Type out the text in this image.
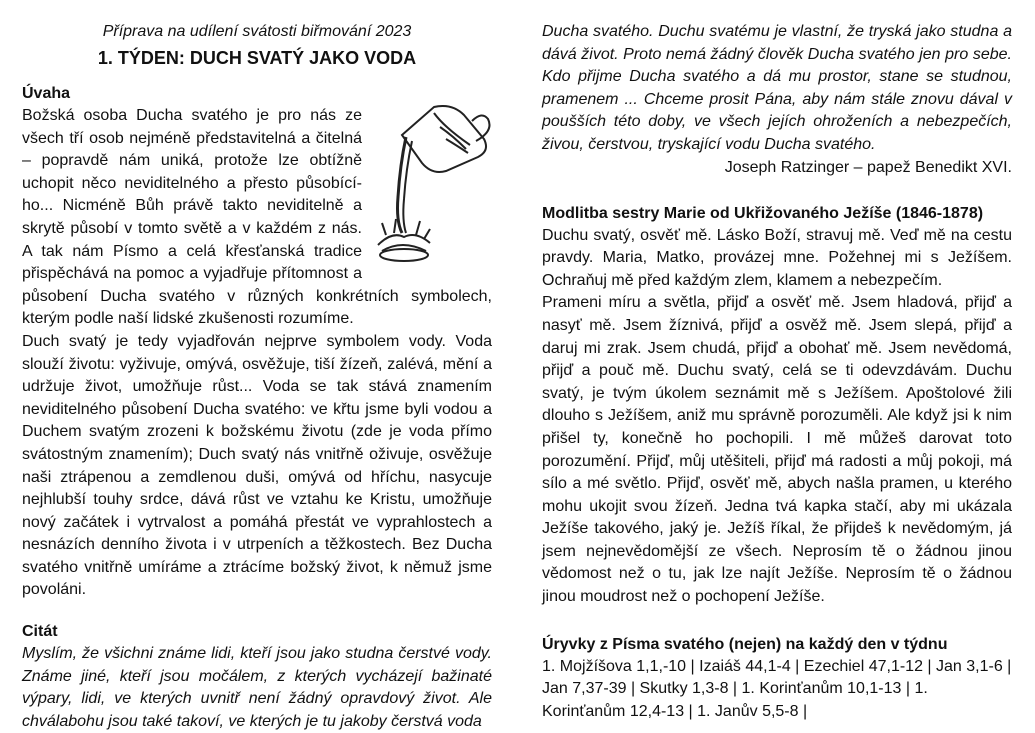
Příprava na udílení svátosti biřmování 2023
1. TÝDEN: DUCH SVATÝ JAKO VODA
Úvaha

Božská osoba Ducha svatého je pro nás ze všech tří osob nejméně představitelná a čitelná – popravdě nám uniká, protože lze obtížně uchopit něco neviditelného a přesto působící-ho... Nicméně Bůh právě takto neviditelně a skrytě působí v tomto světě a v každém z nás. A tak nám Písmo a celá křesťanská tradice přispěchává na pomoc a vyjadřuje přítomnost a působení Ducha svatého v různých konkrétních symbolech, kterým podle naší lidské zkušenosti rozumíme.

Duch svatý je tedy vyjadřován nejprve symbolem vody. Voda slouží životu: vyživuje, omývá, osvěžuje, tiší žízeň, zalévá, mění a udržuje život, umožňuje růst... Voda se tak stává znamením neviditelného působení Ducha svatého: ve křtu jsme byli vodou a Duchem svatým zrozeni k božskému životu (zde je voda přímo svátostným znamením); Duch svatý nás vnitřně oživuje, osvěžuje naši ztrápenou a zemdlenou duši, omývá od hříchu, nasycuje nejhlubší touhy srdce, dává růst ve vztahu ke Kristu, umožňuje nový začátek i vytrvalost a pomáhá přestát ve vyprahlostech a nesnázích denního života i v utrpeních a těžkostech. Bez Ducha svatého vnitřně umíráme a ztrácíme božský život, k němuž jsme povoláni.

Citát

Myslím, že všichni známe lidi, kteří jsou jako studna čerstvé vody. Známe jiné, kteří jsou močálem, z kterých vycházejí bažinaté výpary, lidi, ve kterých uvnitř není žádný opravdový život. Ale chválabohu jsou také takoví, ve kterých je tu jakoby čerstvá voda

Ducha svatého. Duchu svatému je vlastní, že tryská jako studna a dává život. Proto nemá žádný člověk Ducha svatého jen pro sebe. Kdo přijme Ducha svatého a dá mu prostor, stane se studnou, pramenem ... Chceme prosit Pána, aby nám stále znovu dával v poušších této doby, ve všech jejích ohroženích a nebezpečích, živou, čerstvou, tryskající vodu Ducha svatého.

Joseph Ratzinger – papež Benedikt XVI.
Modlitba sestry Marie od Ukřižovaného Ježíše (1846-1878)

Duchu svatý, osvěť mě. Lásko Boží, stravuj mě. Veď mě na cestu pravdy. Maria, Matko, provázej mne. Požehnej mi s Ježíšem. Ochraňuj mě před každým zlem, klamem a nebezpečím.

Prameni míru a světla, přijď a osvěť mě. Jsem hladová, přijď a nasyť mě. Jsem žíznivá, přijď a osvěž mě. Jsem slepá, přijď a daruj mi zrak. Jsem chudá, přijď a obohať mě. Jsem nevědomá, přijď a pouč mě. Duchu svatý, celá se ti odevzdávám. Duchu svatý, je tvým úkolem seznámit mě s Ježíšem. Apoštolové žili dlouho s Ježíšem, aniž mu správně porozuměli. Ale když jsi k nim přišel ty, konečně ho pochopili. I mě můžeš darovat toto porozumění. Přijď, můj utěšiteli, přijď má radosti a můj pokoji, má sílo a mé světlo. Přijď, osvěť mě, abych našla pramen, u kterého mohu ukojit svou žízeň. Jedna tvá kapka stačí, aby mi ukázala Ježíše takového, jaký je. Ježíš říkal, že přijdeš k nevědomým, já jsem nejnevědomější ze všech. Neprosím tě o žádnou jinou vědomost než o tu, jak lze najít Ježíše. Neprosím tě o žádnou jinou moudrost než o pochopení Ježíše.

Úryvky z Písma svatého (nejen) na každý den v týdnu

1. Mojžíšova 1,1,-10 | Izaiáš 44,1-4 | Ezechiel 47,1-12 | Jan 3,1-6 | Jan 7,37-39 | Skutky 1,3-8 | 1. Korinťanům 10,1-13 | 1. Korinťanům 12,4-13 | 1. Janův 5,5-8 |
